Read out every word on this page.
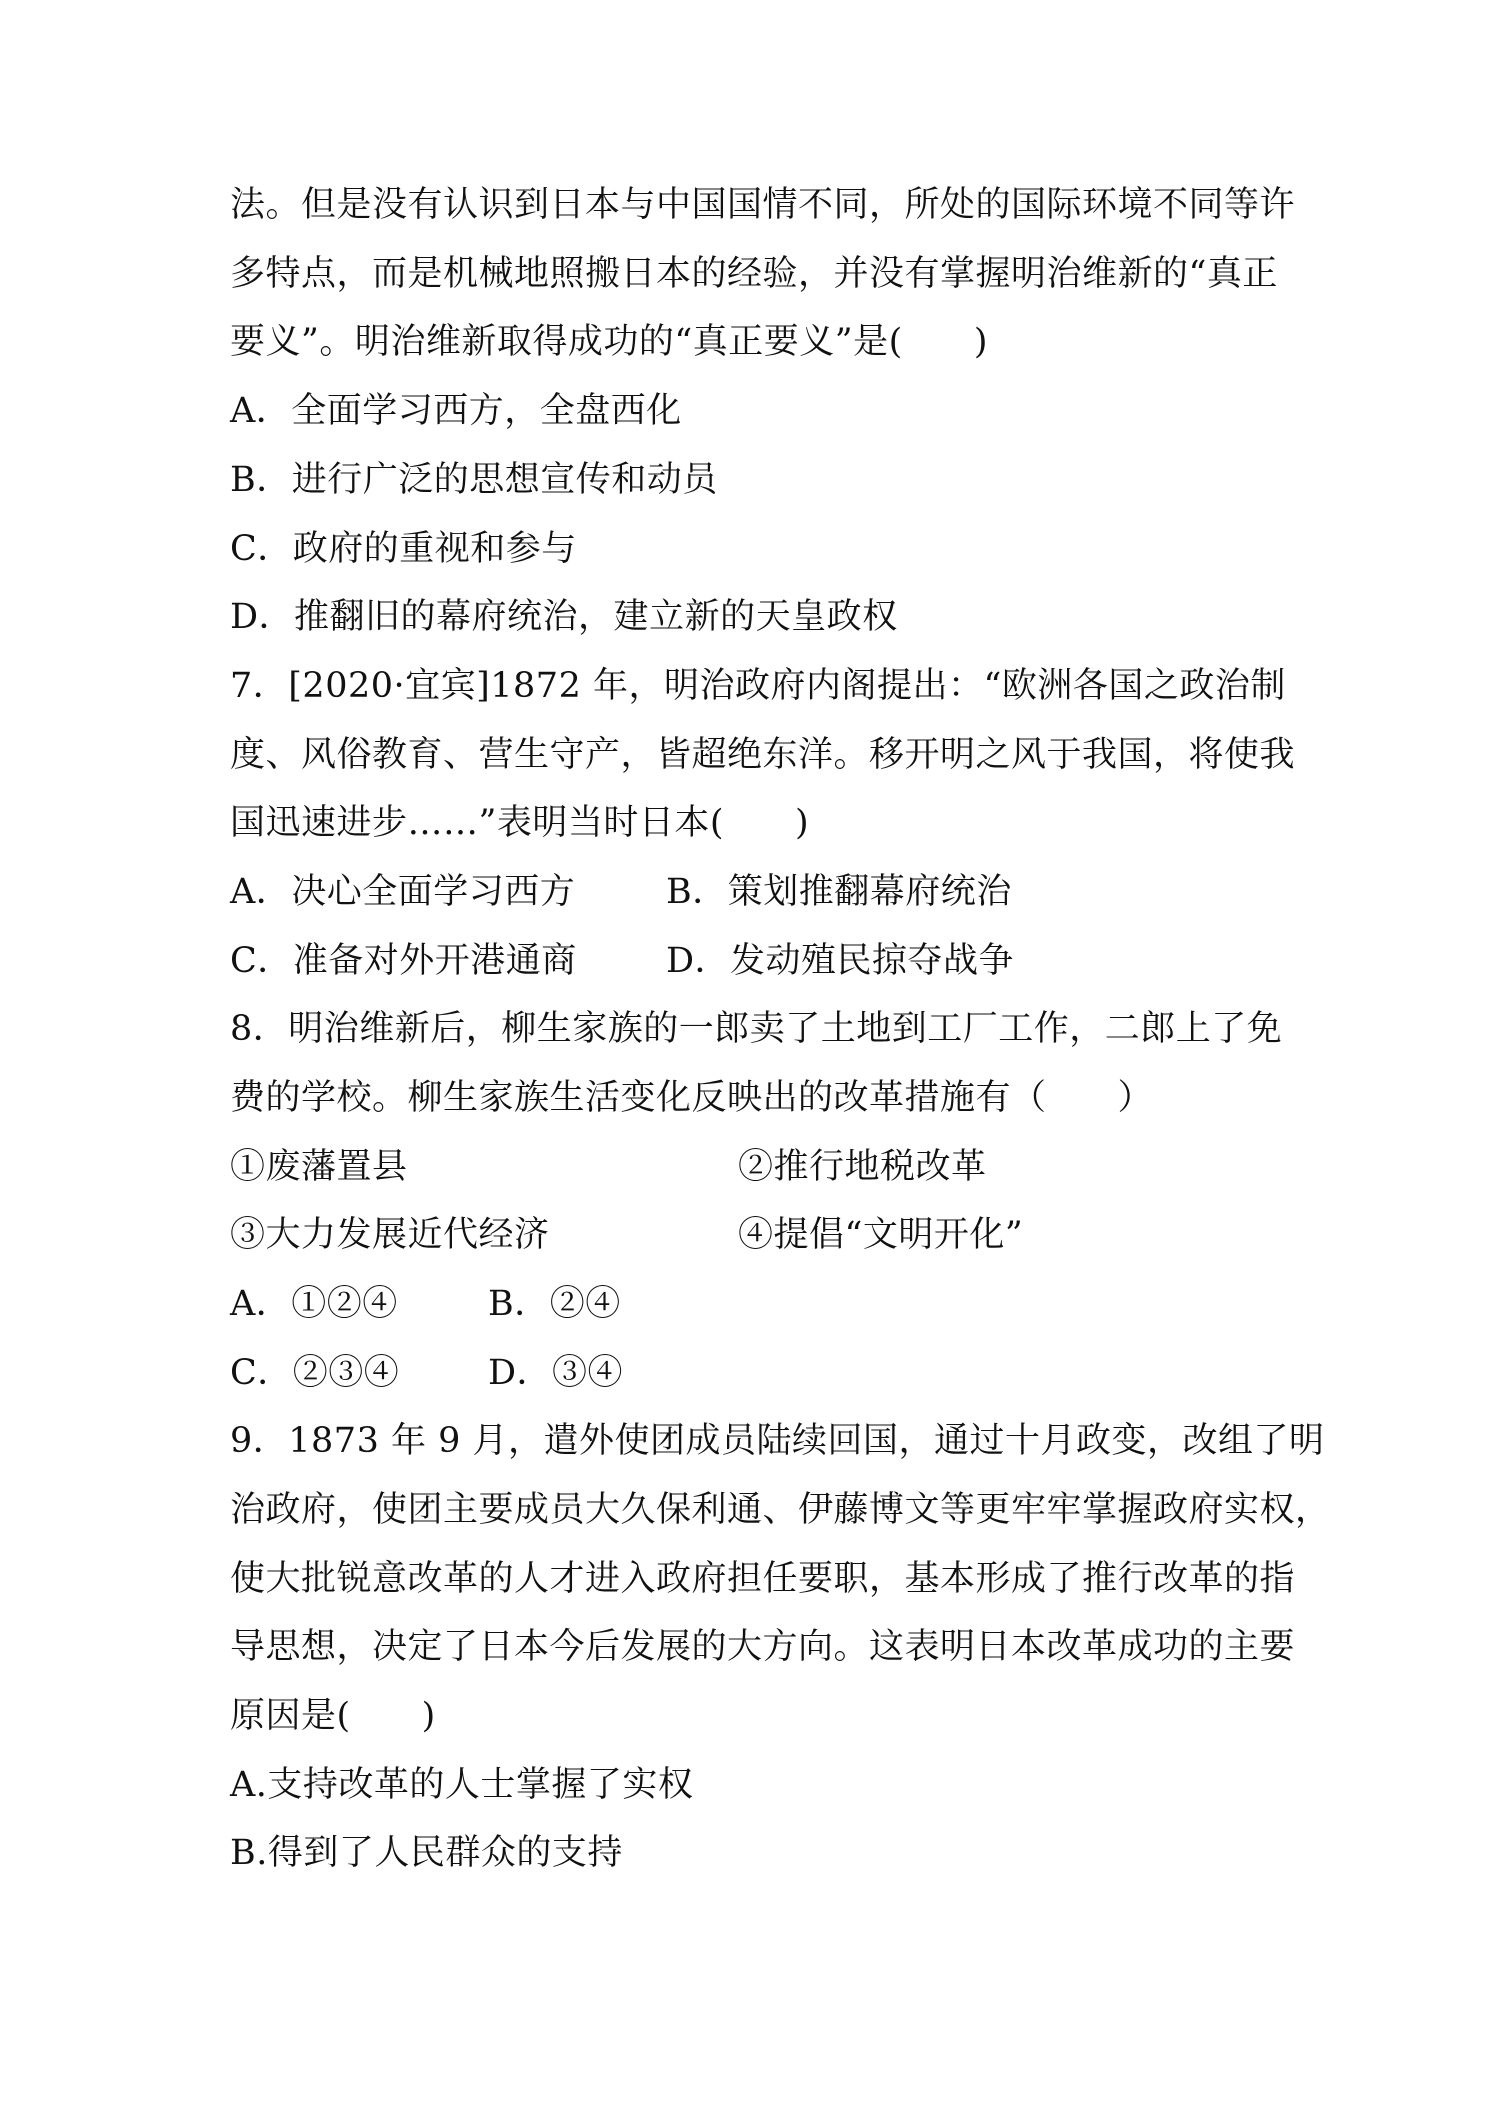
法。但是没有认识到日本与中国国情不同，所处的国际环境不同等许
多特点，而是机械地照搬日本的经验，并没有掌握明治维新的“真正
要义”。明治维新取得成功的“真正要义”是(　　)
A．全面学习西方，全盘西化
B．进行广泛的思想宣传和动员
C．政府的重视和参与
D．推翻旧的幕府统治，建立新的天皇政权
7．[2020·宜宾]1872 年，明治政府内阁提出：“欧洲各国之政治制
度、风俗教育、营生守产，皆超绝东洋。移开明之风于我国，将使我
国迅速进步……”表明当时日本(　　)
A．决心全面学习西方	B．策划推翻幕府统治
C．准备对外开港通商	D．发动殖民掠夺战争
8．明治维新后，柳生家族的一郎卖了土地到工厂工作，二郎上了免
费的学校。柳生家族生活变化反映出的改革措施有（　　）
①废藩置县	②推行地税改革
③大力发展近代经济	④提倡“文明开化”
A．①②④	B．②④
C．②③④	D．③④
9．1873 年 9 月，遣外使团成员陆续回国，通过十月政变，改组了明
治政府，使团主要成员大久保利通、伊藤博文等更牢牢掌握政府实权，
使大批锐意改革的人才进入政府担任要职，基本形成了推行改革的指
导思想，决定了日本今后发展的大方向。这表明日本改革成功的主要
原因是(　　)
A.支持改革的人士掌握了实权
B.得到了人民群众的支持
